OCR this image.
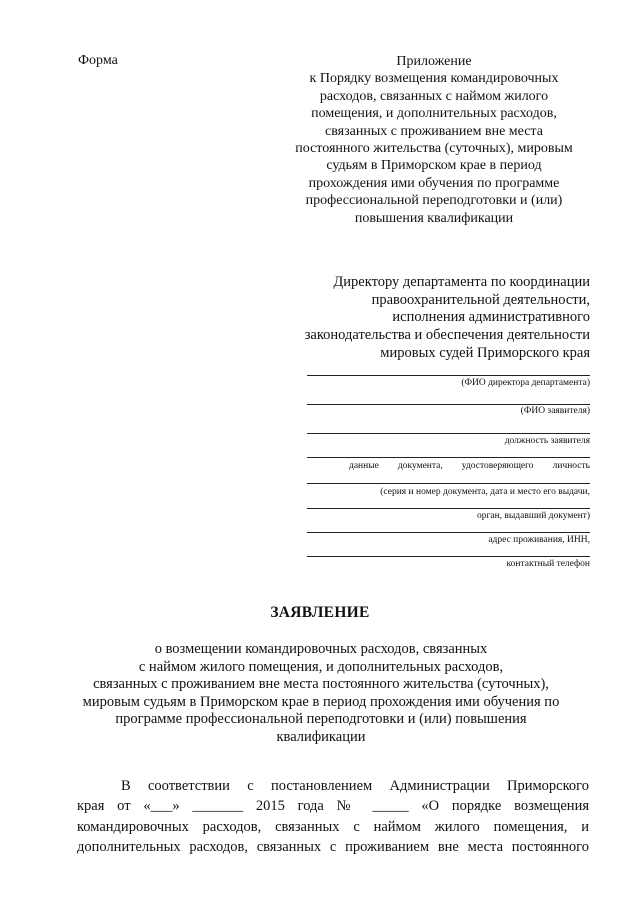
Форма	Приложение
к Порядку возмещения командировочных
расходов, связанных с наймом жилого
помещения, и дополнительных расходов,
связанных с проживанием вне места
постоянного жительства (суточных), мировым
судьям в Приморском крае в период
прохождения ими обучения по программе
профессиональной переподготовки и (или)
повышения квалификации
Директору департамента по координации
правоохранительной деятельности,
исполнения административного
законодательства и обеспечения деятельности
мировых судей Приморского края
(ФИО директора департамента)
(ФИО заявителя)
должность заявителя
данные документа, удостоверяющего личность
(серия и номер документа, дата и место его выдачи,
орган, выдавший документ)
адрес проживания, ИНН,
контактный телефон
ЗАЯВЛЕНИЕ
о возмещении командировочных расходов, связанных
с наймом жилого помещения, и дополнительных расходов,
связанных с проживанием вне места постоянного жительства (суточных),
мировым судьям в Приморском крае в период прохождения ими обучения по
программе профессиональной переподготовки и (или) повышения
квалификации
В соответствии с постановлением Администрации Приморского
края от «___» _______ 2015 года № _____ «О порядке возмещения
командировочных расходов, связанных с наймом жилого помещения, и
дополнительных расходов, связанных с проживанием вне места постоянного
